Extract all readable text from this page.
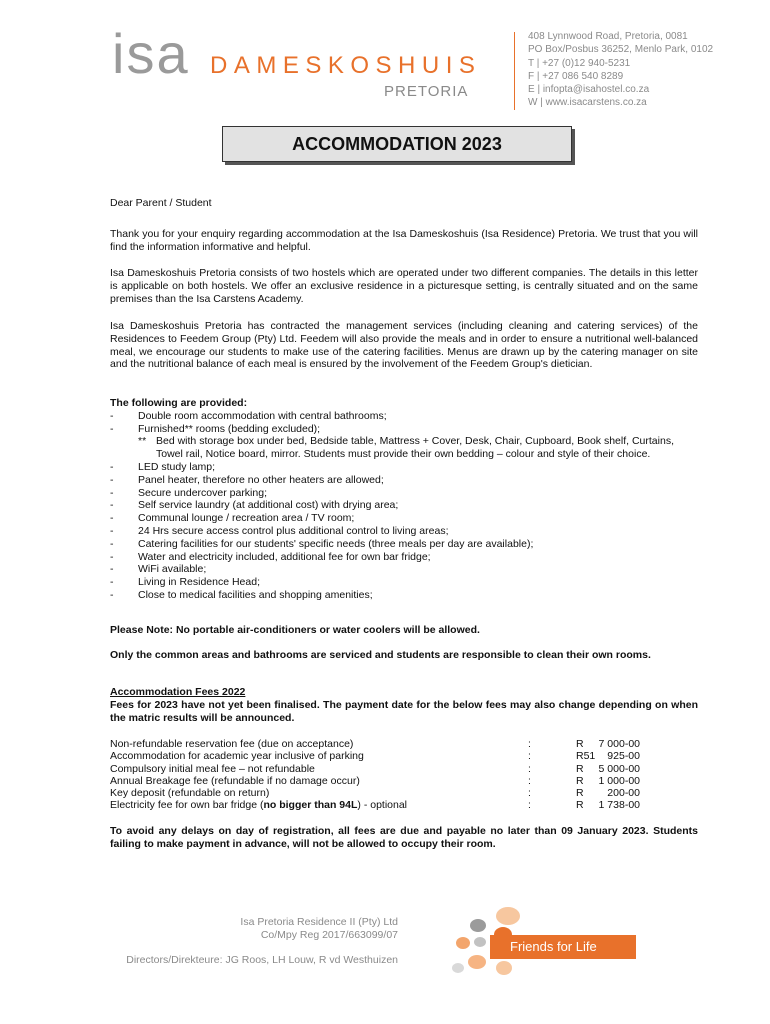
isa DAMESKOSHUIS
PRETORIA
408 Lynnwood Road, Pretoria, 0081
PO Box/Posbus 36252, Menlo Park, 0102
T | +27 (0)12 940-5231
F | +27 086 540 8289
E | infopta@isahostel.co.za
W | www.isacarstens.co.za
ACCOMMODATION 2023
Dear Parent / Student
Thank you for your enquiry regarding accommodation at the Isa Dameskoshuis (Isa Residence) Pretoria. We trust that you will find the information informative and helpful.
Isa Dameskoshuis Pretoria consists of two hostels which are operated under two different companies. The details in this letter is applicable on both hostels. We offer an exclusive residence in a picturesque setting, is centrally situated and on the same premises than the Isa Carstens Academy.
Isa Dameskoshuis Pretoria has contracted the management services (including cleaning and catering services) of the Residences to Feedem Group (Pty) Ltd. Feedem will also provide the meals and in order to ensure a nutritional well-balanced meal, we encourage our students to make use of the catering facilities. Menus are drawn up by the catering manager on site and the nutritional balance of each meal is ensured by the involvement of the Feedem Group's dietician.

The following are provided:

- Double room accommodation with central bathrooms;
- Furnished** rooms (bedding excluded);
** Bed with storage box under bed, Bedside table, Mattress + Cover, Desk, Chair, Cupboard, Book shelf, Curtains, Towel rail, Notice board, mirror. Students must provide their own bedding – colour and style of their choice.
- LED study lamp;
- Panel heater, therefore no other heaters are allowed;
- Secure undercover parking;
- Self service laundry (at additional cost) with drying area;
- Communal lounge / recreation area / TV room;
- 24 Hrs secure access control plus additional control to living areas;
- Catering facilities for our students' specific needs (three meals per day are available);
- Water and electricity included, additional fee for own bar fridge;
- WiFi available;
- Living in Residence Head;
- Close to medical facilities and shopping amenities;
Please Note: No portable air-conditioners or water coolers will be allowed.
Only the common areas and bathrooms are serviced and students are responsible to clean their own rooms.

Accommodation Fees 2022

Fees for 2023 have not yet been finalised. The payment date for the below fees may also change depending on when the matric results will be announced.

Non-refundable reservation fee (due on acceptance)	:	R 7 000-00
Accommodation for academic year inclusive of parking	:	R51 925-00
Compulsory initial meal fee – not refundable	:	R 5 000-00
Annual Breakage fee (refundable if no damage occur)	:	R 1 000-00
Key deposit (refundable on return)	:	R 200-00
Electricity fee for own bar fridge (no bigger than 94L) - optional	:	R 1 738-00
To avoid any delays on day of registration, all fees are due and payable no later than 09 January 2023. Students failing to make payment in advance, will not be allowed to occupy their room.
Isa Pretoria Residence II (Pty) Ltd
Co/Mpy Reg 2017/663099/07
Directors/Direkteure: JG Roos, LH Louw, R vd Westhuizen
Friends for Life
